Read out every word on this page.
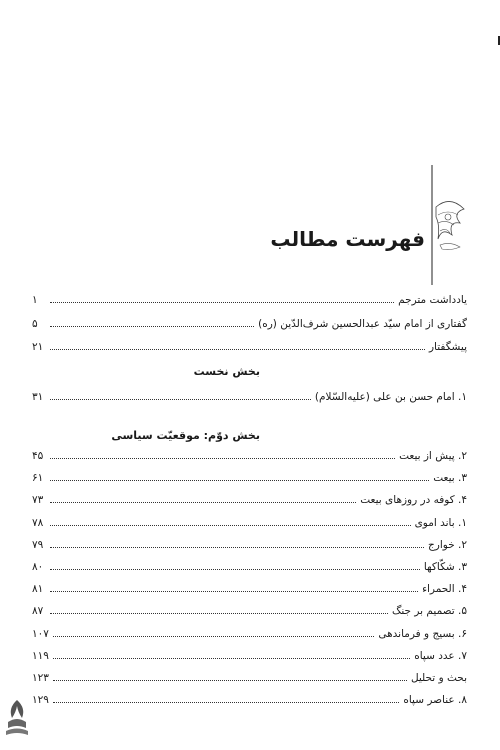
فهرست مطالب
یادداشت مترجم
۱
گفتاری از امام سیّد عبدالحسین شرف‌الدّین (ره)
۵
پیشگفتار
۲۱
بخش نخست
۱. امام حسن بن علی (علیه‌السّلام)
۳۱
بخش دوّم: موقعیّت سیاسی
۲. پیش از بیعت
۴۵
۳. بیعت
۶۱
۴. کوفه در روزهای بیعت
۷۳
۱. باند اموی
۷۸
۲. خوارج
۷۹
۳. شکّاکها
۸۰
۴. الحمراء
۸۱
۵. تصمیم بر جنگ
۸۷
۶. بسیج و فرماندهی
۱۰۷
۷. عدد سپاه
۱۱۹
بحث و تحلیل
۱۲۳
۸. عناصر سپاه
۱۲۹
